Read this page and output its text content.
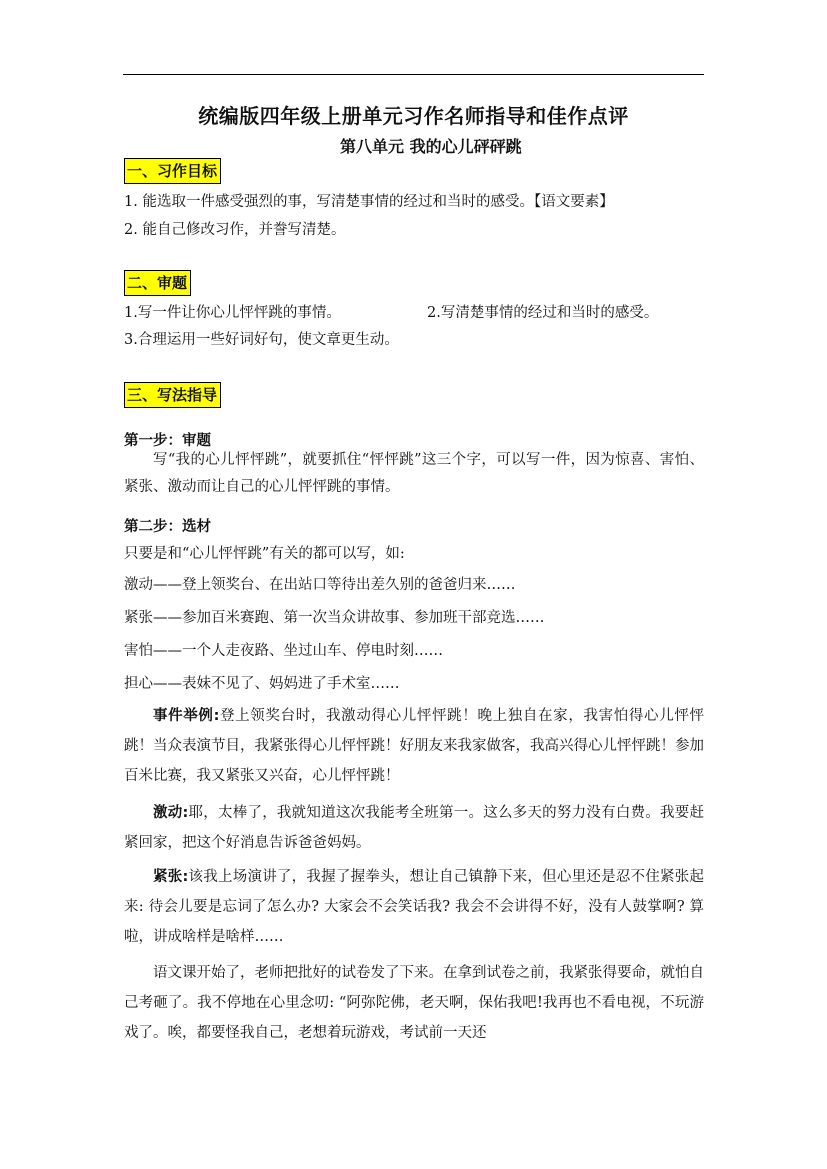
统编版四年级上册单元习作名师指导和佳作点评
第八单元 我的心儿砰砰跳
一、习作目标
1. 能选取一件感受强烈的事，写清楚事情的经过和当时的感受。【语文要素】
2. 能自己修改习作，并誊写清楚。
二、审题
1.写一件让你心儿怦怦跳的事情。	2.写清楚事情的经过和当时的感受。
3.合理运用一些好词好句，使文章更生动。
三、写法指导
第一步：审题
写“我的心儿怦怦跳”，就要抓住“怦怦跳”这三个字，可以写一件，因为惊喜、害怕、紧张、激动而让自己的心儿怦怦跳的事情。
第二步：选材
只要是和“心儿怦怦跳”有关的都可以写，如:
激动——登上领奖台、在出站口等待出差久别的爸爸归来……
紧张——参加百米赛跑、第一次当众讲故事、参加班干部竞选……
害怕——一个人走夜路、坐过山车、停电时刻……
担心——表妹不见了、妈妈进了手术室……
事件举例:登上领奖台时，我激动得心儿怦怦跳！晚上独自在家，我害怕得心儿怦怦跳！当众表演节目，我紧张得心儿怦怦跳！好朋友来我家做客，我高兴得心儿怦怦跳！参加百米比赛，我又紧张又兴奋，心儿怦怦跳！
激动:耶，太棒了，我就知道这次我能考全班第一。这么多天的努力没有白费。我要赶紧回家，把这个好消息告诉爸爸妈妈。
紧张:该我上场演讲了，我握了握拳头，想让自己镇静下来，但心里还是忍不住紧张起来: 待会儿要是忘词了怎么办? 大家会不会笑话我? 我会不会讲得不好，没有人鼓掌啊? 算啦，讲成啥样是啥样……
语文课开始了，老师把批好的试卷发了下来。在拿到试卷之前，我紧张得要命，就怕自己考砸了。我不停地在心里念叨: “阿弥陀佛，老天啊，保佑我吧!我再也不看电视，不玩游戏了。唉，都要怪我自己，老想着玩游戏，考试前一天还
